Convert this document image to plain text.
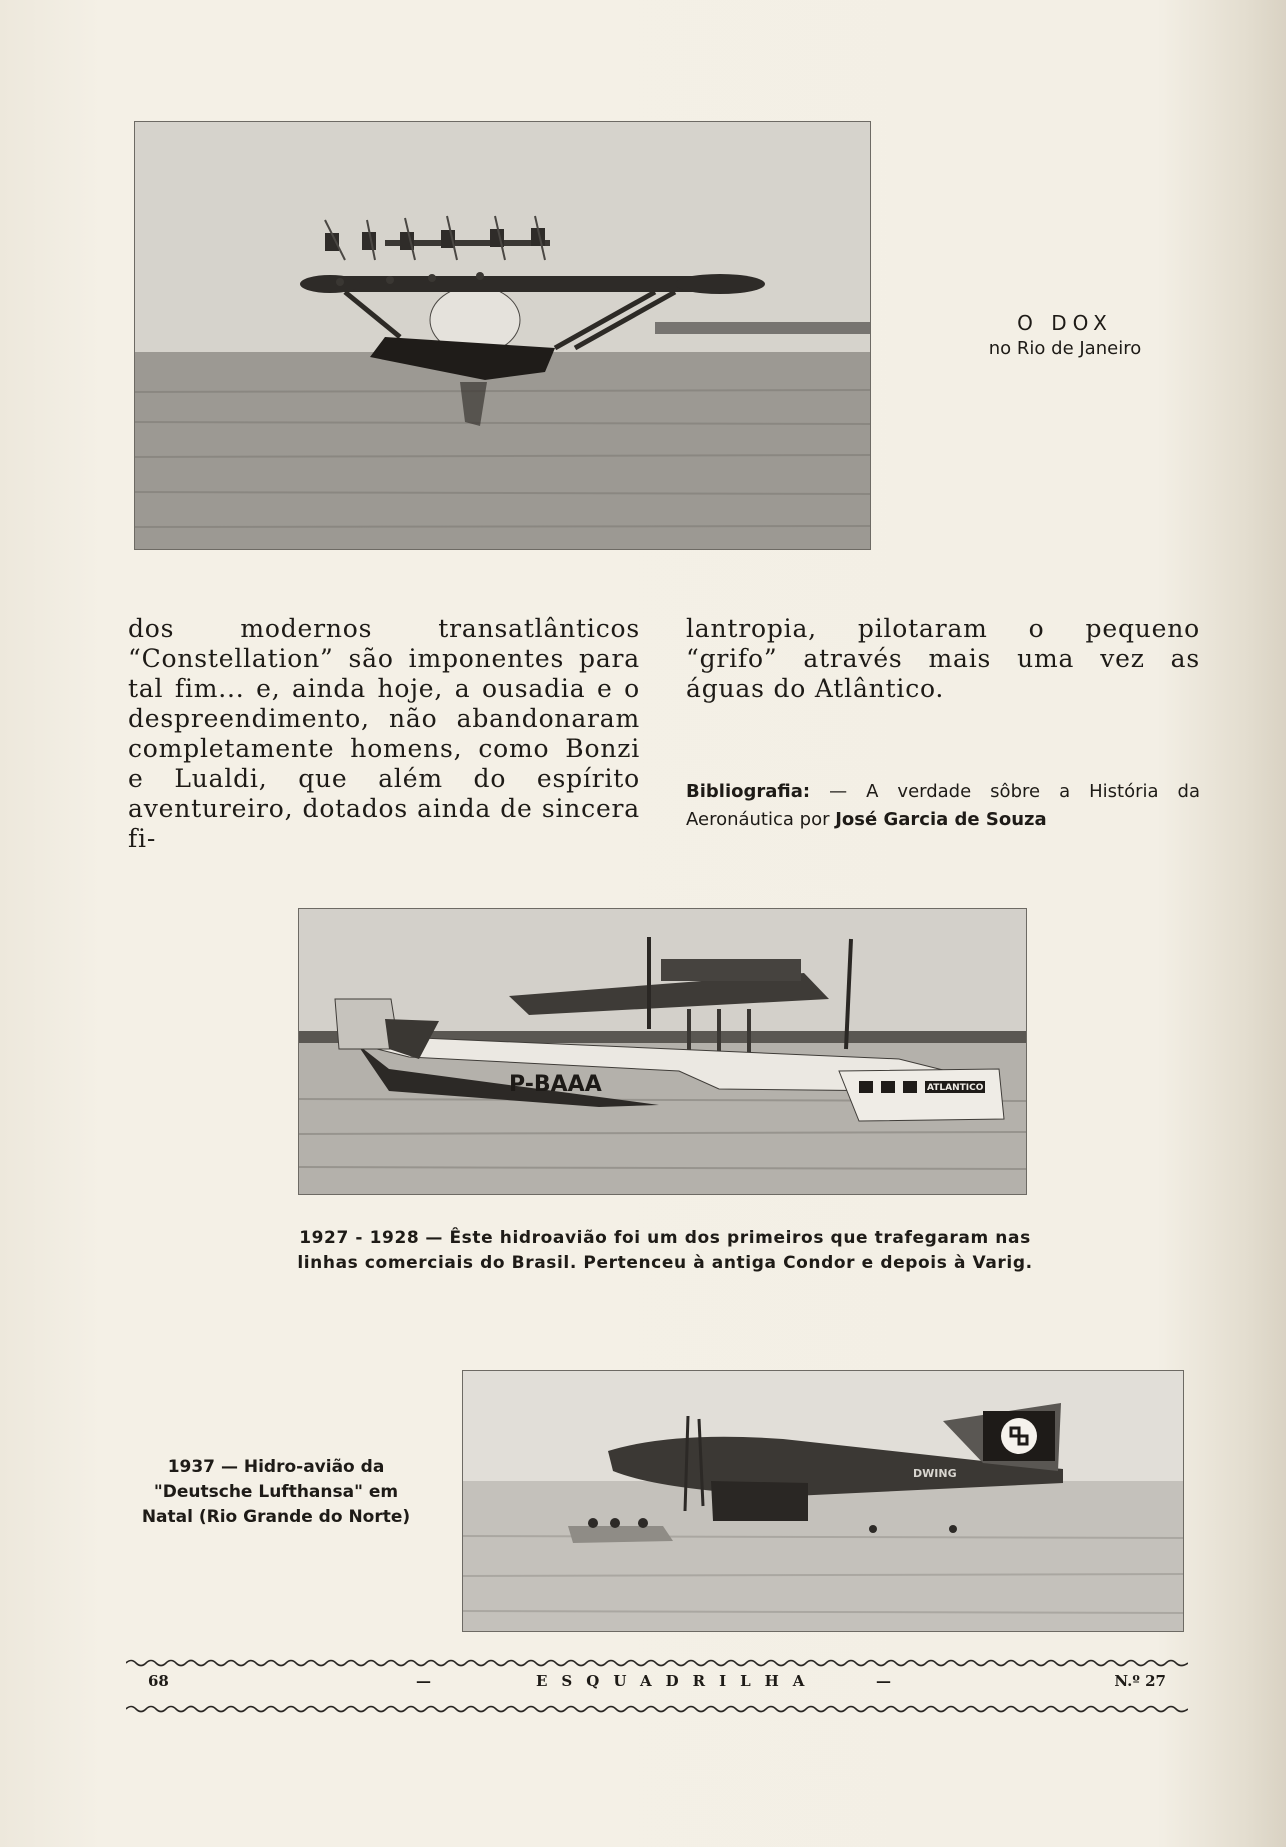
O DOX
no Rio de Janeiro
dos modernos transatlânticos “Constellation” são imponentes para tal fim... e, ainda hoje, a ousadia e o despreendimento, não abandonaram completamente homens, como Bonzi e Lualdi, que além do espírito aventureiro, dotados ainda de sincera fi-
lantropia, pilotaram o pequeno “grifo” através mais uma vez as águas do Atlântico.
Bibliografia: — A verdade sôbre a História da Aeronáutica por José Garcia de Souza
P-BAAA	ATLANTICO
1927 - 1928 — Êste hidroavião foi um dos primeiros que trafegaram nas linhas comerciais do Brasil. Pertenceu à antiga Condor e depois à Varig.
DWING
1937 — Hidro-avião da "Deutsche Lufthansa" em Natal (Rio Grande do Norte)
68	—	ESQUADRILHA	—	N.º 27
